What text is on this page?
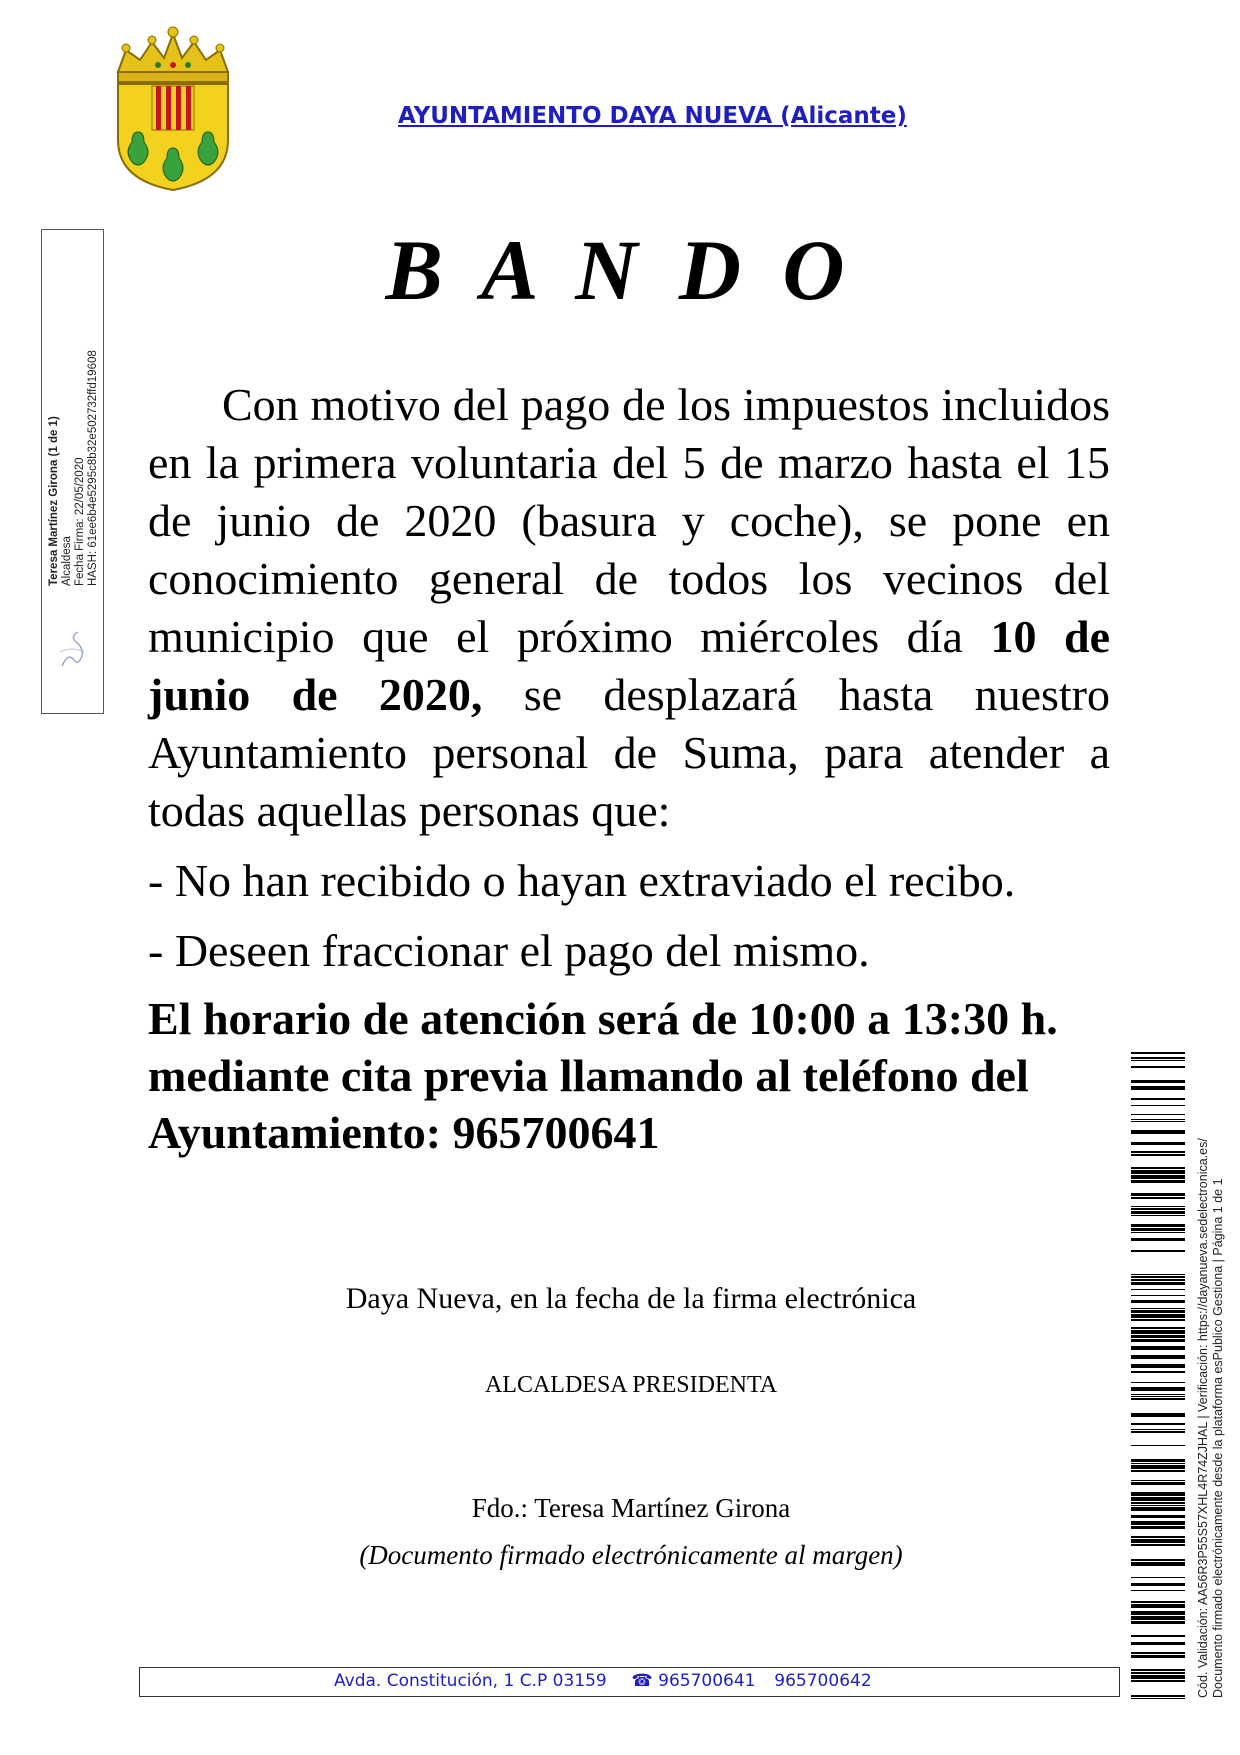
AYUNTAMIENTO DAYA NUEVA (Alicante)
Teresa Martínez Girona (1 de 1) Alcaldesa Fecha Firma: 22/05/2020 HASH: 61ee6b4e5295c8b32e502732ffd19608
B A N D O

Con motivo del pago de los impuestos incluidos en la primera voluntaria del 5 de marzo hasta el 15 de junio de 2020 (basura y coche), se pone en conocimiento general de todos los vecinos del municipio que el próximo miércoles día 10 de junio de 2020, se desplazará hasta nuestro Ayuntamiento personal de Suma, para atender a todas aquellas personas que:

- No han recibido o hayan extraviado el recibo.

- Deseen fraccionar el pago del mismo.

El horario de atención será de 10:00 a 13:30 h. mediante cita previa llamando al teléfono del Ayuntamiento: 965700641

Daya Nueva, en la fecha de la firma electrónica
ALCALDESA PRESIDENTA
Fdo.: Teresa Martínez Girona
(Documento firmado electrónicamente al margen)
Avda. Constitución, 1 C.P 03159 ☎ 965700641 965700642	Cód. Validación: AA56R3P55S57XHL4R74ZJHAL | Verificación: https://dayanueva.sedelectronica.es/ Documento firmado electrónicamente desde la plataforma esPublico Gestiona | Página 1 de 1
